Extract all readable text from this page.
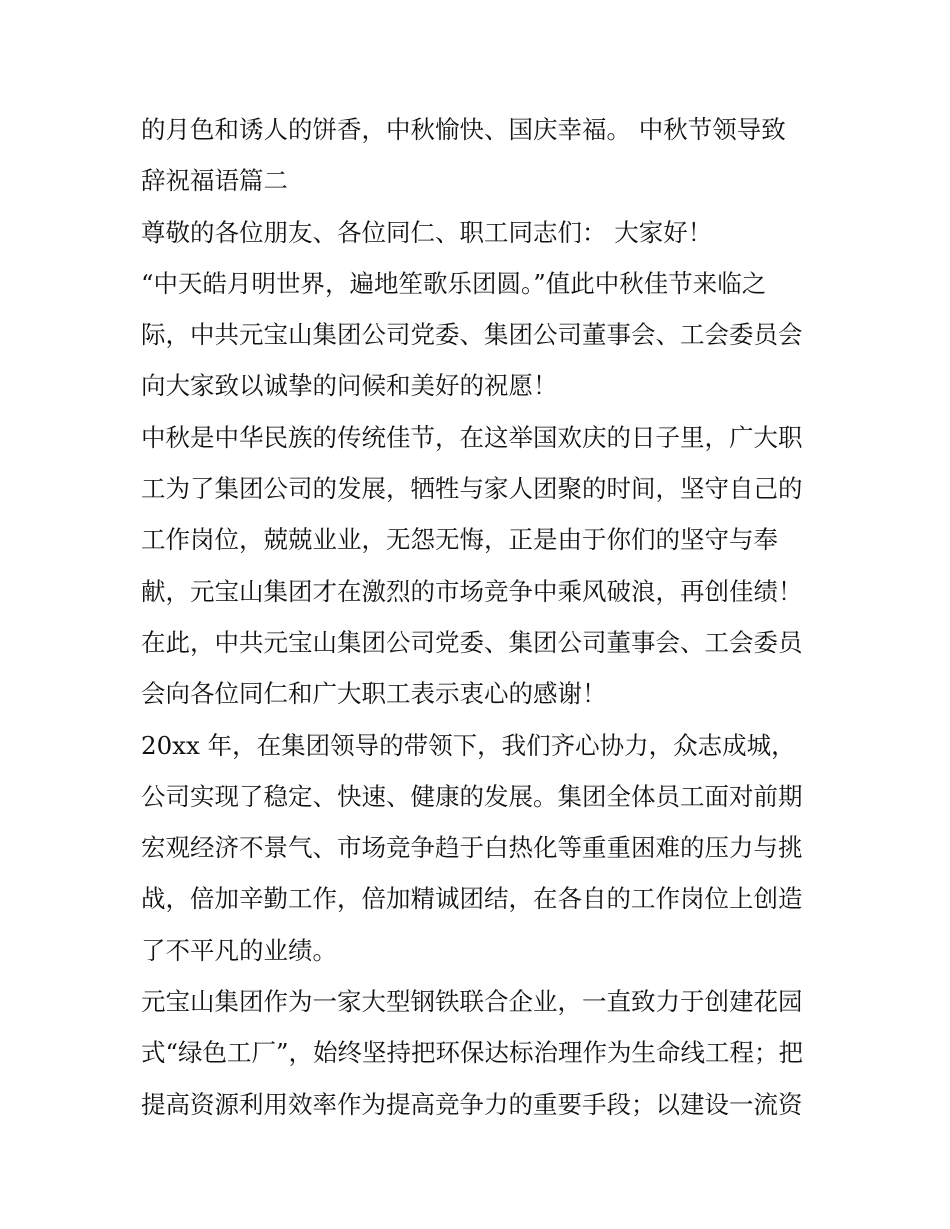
的月色和诱人的饼香，中秋愉快、国庆幸福。 中秋节领导致
辞祝福语篇二
尊敬的各位朋友、各位同仁、职工同志们： 大家好！
“中天皓月明世界，遍地笙歌乐团圆。”值此中秋佳节来临之
际，中共元宝山集团公司党委、集团公司董事会、工会委员会
向大家致以诚挚的问候和美好的祝愿！
中秋是中华民族的传统佳节，在这举国欢庆的日子里，广大职
工为了集团公司的发展，牺牲与家人团聚的时间，坚守自己的
工作岗位，兢兢业业，无怨无悔，正是由于你们的坚守与奉
献，元宝山集团才在激烈的市场竞争中乘风破浪，再创佳绩！
在此，中共元宝山集团公司党委、集团公司董事会、工会委员
会向各位同仁和广大职工表示衷心的感谢！
20xx 年，在集团领导的带领下，我们齐心协力，众志成城，
公司实现了稳定、快速、健康的发展。集团全体员工面对前期
宏观经济不景气、市场竞争趋于白热化等重重困难的压力与挑
战，倍加辛勤工作，倍加精诚团结，在各自的工作岗位上创造
了不平凡的业绩。
元宝山集团作为一家大型钢铁联合企业，一直致力于创建花园
式“绿色工厂”，始终坚持把环保达标治理作为生命线工程；把
提高资源利用效率作为提高竞争力的重要手段；以建设一流资
